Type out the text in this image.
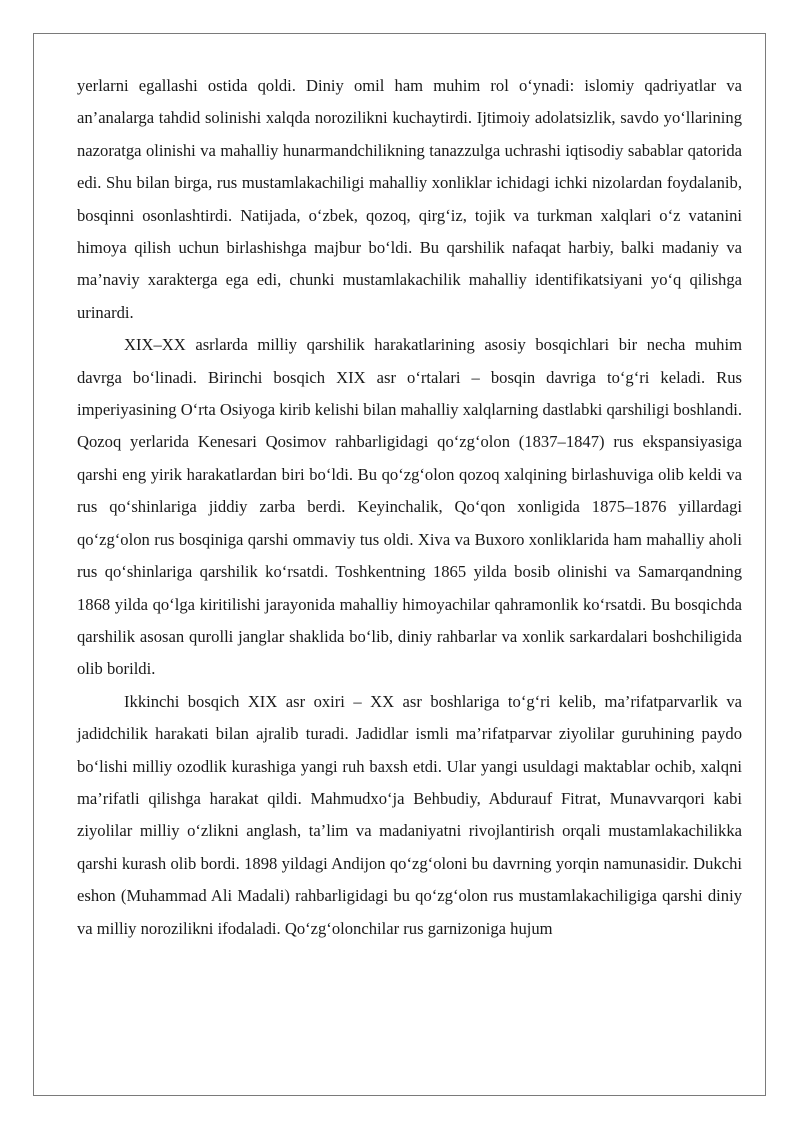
yerlarni egallashi ostida qoldi. Diniy omil ham muhim rol o‘ynadi: islomiy qadriyatlar va an’analarga tahdid solinishi xalqda norozilikni kuchaytirdi. Ijtimoiy adolatsizlik, savdo yo‘llarining nazoratga olinishi va mahalliy hunarmandchilikning tanazzulga uchrashi iqtisodiy sabablar qatorida edi. Shu bilan birga, rus mustamlakachiligi mahalliy xonliklar ichidagi ichki nizolardan foydalanib, bosqinni osonlashtirdi. Natijada, o‘zbek, qozoq, qirg‘iz, tojik va turkman xalqlari o‘z vatanini himoya qilish uchun birlashishga majbur bo‘ldi. Bu qarshilik nafaqat harbiy, balki madaniy va ma’naviy xarakterga ega edi, chunki mustamlakachilik mahalliy identifikatsiyani yo‘q qilishga urinardi.

XIX–XX asrlarda milliy qarshilik harakatlarining asosiy bosqichlari bir necha muhim davrga bo‘linadi. Birinchi bosqich XIX asr o‘rtalari – bosqin davriga to‘g‘ri keladi. Rus imperiyasining O‘rta Osiyoga kirib kelishi bilan mahalliy xalqlarning dastlabki qarshiligi boshlandi. Qozoq yerlarida Kenesari Qosimov rahbarligidagi qo‘zg‘olon (1837–1847) rus ekspansiyasiga qarshi eng yirik harakatlardan biri bo‘ldi. Bu qo‘zg‘olon qozoq xalqining birlashuviga olib keldi va rus qo‘shinlariga jiddiy zarba berdi. Keyinchalik, Qo‘qon xonligida 1875–1876 yillardagi qo‘zg‘olon rus bosqiniga qarshi ommaviy tus oldi. Xiva va Buxoro xonliklarida ham mahalliy aholi rus qo‘shinlariga qarshilik ko‘rsatdi. Toshkentning 1865 yilda bosib olinishi va Samarqandning 1868 yilda qo‘lga kiritilishi jarayonida mahalliy himoyachilar qahramonlik ko‘rsatdi. Bu bosqichda qarshilik asosan qurolli janglar shaklida bo‘lib, diniy rahbarlar va xonlik sarkardalari boshchiligida olib borildi.

Ikkinchi bosqich XIX asr oxiri – XX asr boshlariga to‘g‘ri kelib, ma’rifatparvarlik va jadidchilik harakati bilan ajralib turadi. Jadidlar ismli ma’rifatparvar ziyolilar guruhining paydo bo‘lishi milliy ozodlik kurashiga yangi ruh baxsh etdi. Ular yangi usuldagi maktablar ochib, xalqni ma’rifatli qilishga harakat qildi. Mahmudxo‘ja Behbudiy, Abdurauf Fitrat, Munavvarqori kabi ziyolilar milliy o‘zlikni anglash, ta’lim va madaniyatni rivojlantirish orqali mustamlakachilikka qarshi kurash olib bordi. 1898 yildagi Andijon qo‘zg‘oloni bu davrning yorqin namunasidir. Dukchi eshon (Muhammad Ali Madali) rahbarligidagi bu qo‘zg‘olon rus mustamlakachiligiga qarshi diniy va milliy norozilikni ifodaladi. Qo‘zg‘olonchilar rus garnizoniga hujum
